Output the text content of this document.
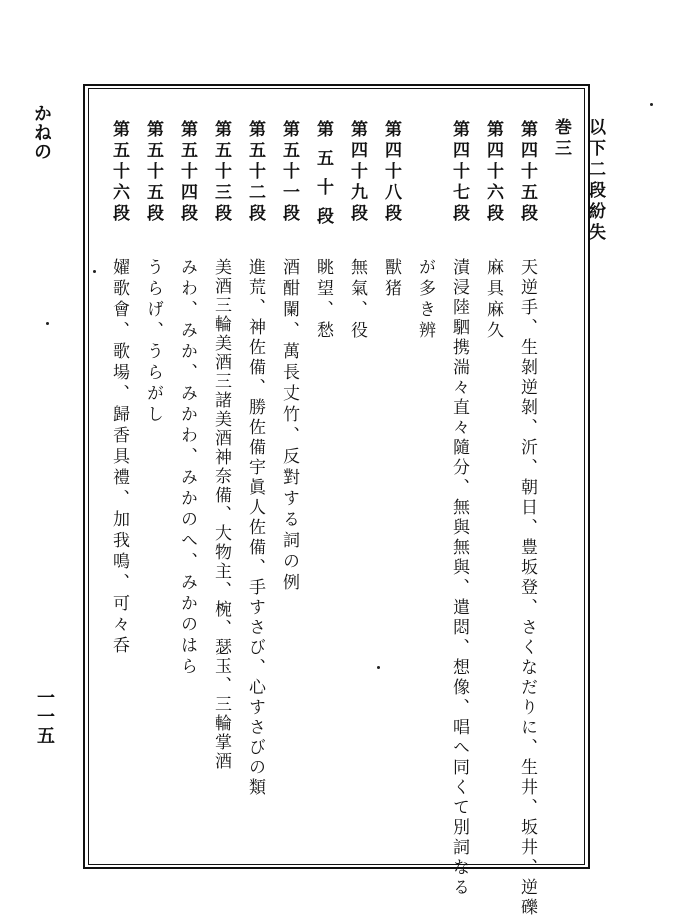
かねの
一一五
以下二段紛失
巻三
第四十五段
天逆手、生剝逆剝、沂、朝日、豊坂登、さくなだりに、生井、坂井、逆礫
第四十六段
麻具麻久
第四十七段
漬浸陸駟携湍々直々隨分、無與無與、遣悶、想像、唱へ同くて別詞なる
が多き辨
第四十八段
獸猪
第四十九段
無氣、役
第五十段
眺望、愁
第五十一段
酒酣闌、萬長丈竹、反對する詞の例
第五十二段
進荒、神佐備、勝佐備宇眞人佐備、手すさび、心すさびの類
第五十三段
美酒三輪美酒三諸美酒神奈備、大物主、椀、瑟玉、三輪掌酒
第五十四段
みわ、みか、みかわ、みかのへ、みかのはら
第五十五段
うらげ、うらがし
第五十六段
嬥歌會、歌場、歸香具禮、加我鳴、可々呑
